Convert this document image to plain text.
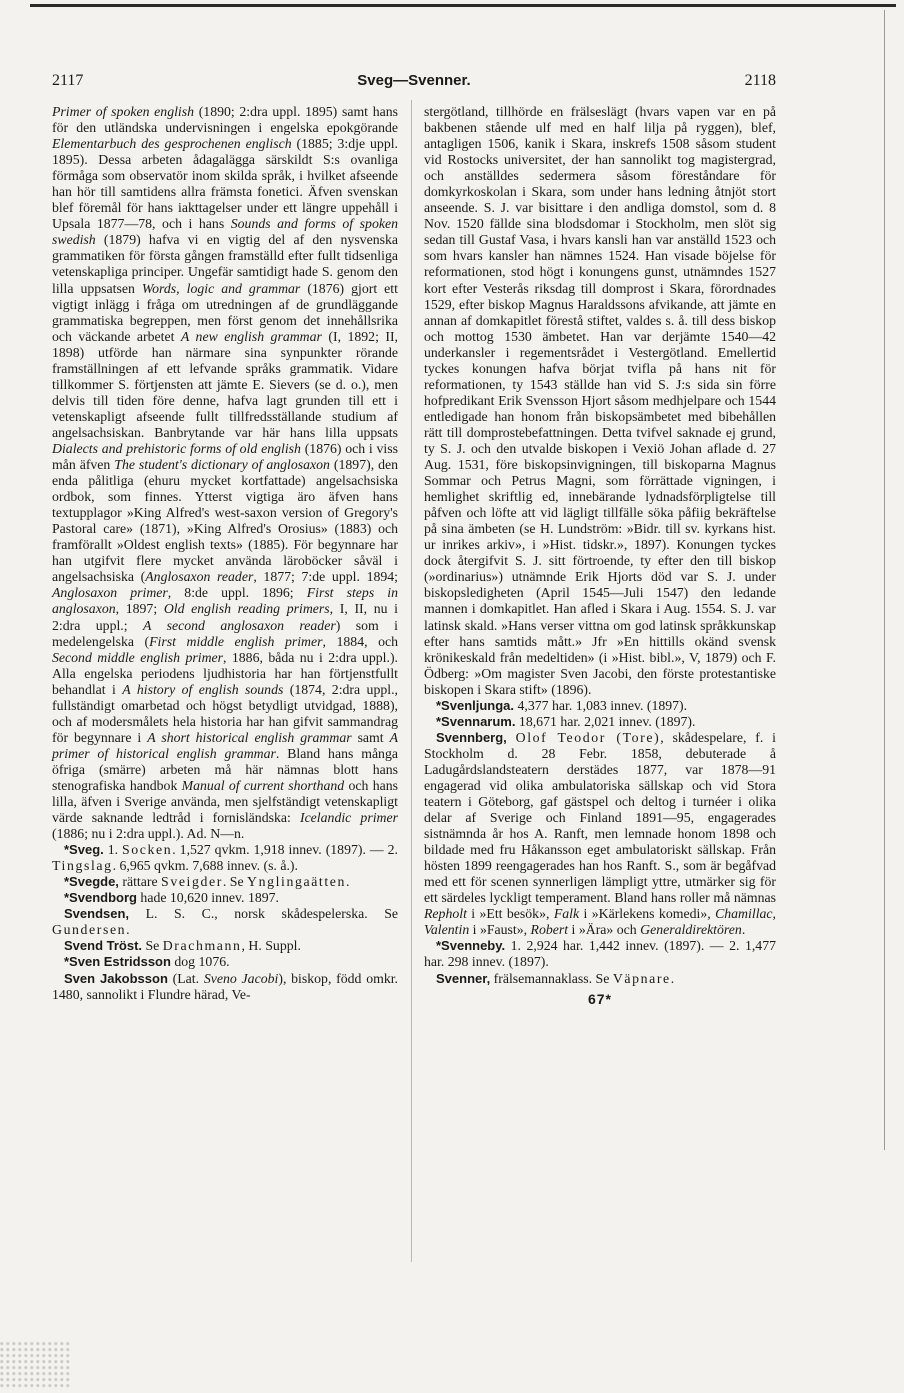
2117	Sveg—Svenner.	2118

Primer of spoken english (1890; 2:dra uppl. 1895) samt hans för den utländska undervisningen i engelska epokgörande Elementarbuch des gesprochenen englisch (1885; 3:dje uppl. 1895). Dessa arbeten ådagalägga särskildt S:s ovanliga förmåga som observatör inom skilda språk, i hvilket afseende han hör till samtidens allra främsta fonetici. Äfven svenskan blef föremål för hans iakttagelser under ett längre uppehåll i Upsala 1877—78, och i hans Sounds and forms of spoken swedish (1879) hafva vi en vigtig del af den nysvenska grammatiken för första gången framställd efter fullt tidsenliga vetenskapliga principer. Ungefär samtidigt hade S. genom den lilla uppsatsen Words, logic and grammar (1876) gjort ett vigtigt inlägg i fråga om utredningen af de grundläggande grammatiska begreppen, men först genom det innehållsrika och väckande arbetet A new english grammar (I, 1892; II, 1898) utförde han närmare sina synpunkter rörande framställningen af ett lefvande språks grammatik. Vidare tillkommer S. förtjensten att jämte E. Sievers (se d. o.), men delvis till tiden före denne, hafva lagt grunden till ett i vetenskapligt afseende fullt tillfredsställande studium af angelsachsiskan. Banbrytande var här hans lilla uppsats Dialects and prehistoric forms of old english (1876) och i viss mån äfven The student's dictionary of anglosaxon (1897), den enda pålitliga (ehuru mycket kortfattade) angelsachsiska ordbok, som finnes. Ytterst vigtiga äro äfven hans textupplagor »King Alfred's west-saxon version of Gregory's Pastoral care» (1871), »King Alfred's Orosius» (1883) och framförallt »Oldest english texts» (1885). För begynnare har han utgifvit flere mycket använda läroböcker såväl i angelsachsiska (Anglosaxon reader, 1877; 7:de uppl. 1894; Anglosaxon primer, 8:de uppl. 1896; First steps in anglosaxon, 1897; Old english reading primers, I, II, nu i 2:dra uppl.; A second anglosaxon reader) som i medelengelska (First middle english primer, 1884, och Second middle english primer, 1886, båda nu i 2:dra uppl.). Alla engelska periodens ljudhistoria har han förtjenstfullt behandlat i A history of english sounds (1874, 2:dra uppl., fullständigt omarbetad och högst betydligt utvidgad, 1888), och af modersmålets hela historia har han gifvit sammandrag för begynnare i A short historical english grammar samt A primer of historical english grammar. Bland hans många öfriga (smärre) arbeten må här nämnas blott hans stenografiska handbok Manual of current shorthand och hans lilla, äfven i Sverige använda, men sjelfständigt vetenskapligt värde saknande ledtråd i fornisländska: Icelandic primer (1886; nu i 2:dra uppl.). Ad. N—n.

*Sveg. 1. Socken. 1,527 qvkm. 1,918 innev. (1897). — 2. Tingslag. 6,965 qvkm. 7,688 innev. (s. å.).

*Svegde, rättare Sveigder. Se Ynglingaätten.

*Svendborg hade 10,620 innev. 1897.

Svendsen, L. S. C., norsk skådespelerska. Se Gundersen.

Svend Tröst. Se Drachmann, H. Suppl.

*Sven Estridsson dog 1076.

Sven Jakobsson (Lat. Sveno Jacobi), biskop, född omkr. 1480, sannolikt i Flundre härad, Ve-

stergötland, tillhörde en frälseslägt (hvars vapen var en på bakbenen stående ulf med en half lilja på ryggen), blef, antagligen 1506, kanik i Skara, inskrefs 1508 såsom student vid Rostocks universitet, der han sannolikt tog magistergrad, och anställdes sedermera såsom föreståndare för domkyrkoskolan i Skara, som under hans ledning åtnjöt stort anseende. S. J. var bisittare i den andliga domstol, som d. 8 Nov. 1520 fällde sina blodsdomar i Stockholm, men slöt sig sedan till Gustaf Vasa, i hvars kansli han var anställd 1523 och som hvars kansler han nämnes 1524. Han visade böjelse för reformationen, stod högt i konungens gunst, utnämndes 1527 kort efter Vesterås riksdag till domprost i Skara, förordnades 1529, efter biskop Magnus Haraldssons afvikande, att jämte en annan af domkapitlet förestå stiftet, valdes s. å. till dess biskop och mottog 1530 ämbetet. Han var derjämte 1540—42 underkansler i regementsrådet i Vestergötland. Emellertid tyckes konungen hafva börjat tvifla på hans nit för reformationen, ty 1543 ställde han vid S. J:s sida sin förre hofpredikant Erik Svensson Hjort såsom medhjelpare och 1544 entledigade han honom från biskopsämbetet med bibehållen rätt till domprostebefattningen. Detta tvifvel saknade ej grund, ty S. J. och den utvalde biskopen i Vexiö Johan aflade d. 27 Aug. 1531, före biskopsinvigningen, till biskoparna Magnus Sommar och Petrus Magni, som förrättade vigningen, i hemlighet skriftlig ed, innebärande lydnadsförpligtelse till påfven och löfte att vid lägligt tillfälle söka påfiig bekräftelse på sina ämbeten (se H. Lundström: »Bidr. till sv. kyrkans hist. ur inrikes arkiv», i »Hist. tidskr.», 1897). Konungen tyckes dock återgifvit S. J. sitt förtroende, ty efter den till biskop (»ordinarius») utnämnde Erik Hjorts död var S. J. under biskopsledigheten (April 1545—Juli 1547) den ledande mannen i domkapitlet. Han afled i Skara i Aug. 1554. S. J. var latinsk skald. »Hans verser vittna om god latinsk språkkunskap efter hans samtids mått.» Jfr »En hittills okänd svensk krönikeskald från medeltiden» (i »Hist. bibl.», V, 1879) och F. Ödberg: »Om magister Sven Jacobi, den förste protestantiske biskopen i Skara stift» (1896).

*Svenljunga. 4,377 har. 1,083 innev. (1897).

*Svennarum. 18,671 har. 2,021 innev. (1897).

Svennberg, Olof Teodor (Tore), skådespelare, f. i Stockholm d. 28 Febr. 1858, debuterade å Ladugårdslandsteatern derstädes 1877, var 1878—91 engagerad vid olika ambulatoriska sällskap och vid Stora teatern i Göteborg, gaf gästspel och deltog i turnéer i olika delar af Sverige och Finland 1891—95, engagerades sistnämnda år hos A. Ranft, men lemnade honom 1898 och bildade med fru Håkansson eget ambulatoriskt sällskap. Från hösten 1899 reengagerades han hos Ranft. S., som är begåfvad med ett för scenen synnerligen lämpligt yttre, utmärker sig för ett särdeles lyckligt temperament. Bland hans roller må nämnas Repholt i »Ett besök», Falk i »Kärlekens komedi», Chamillac, Valentin i »Faust», Robert i »Ära» och Generaldirektören.

*Svenneby. 1. 2,924 har. 1,442 innev. (1897). — 2. 1,477 har. 298 innev. (1897).

Svenner, frälsemannaklass. Se Väpnare.

67*
